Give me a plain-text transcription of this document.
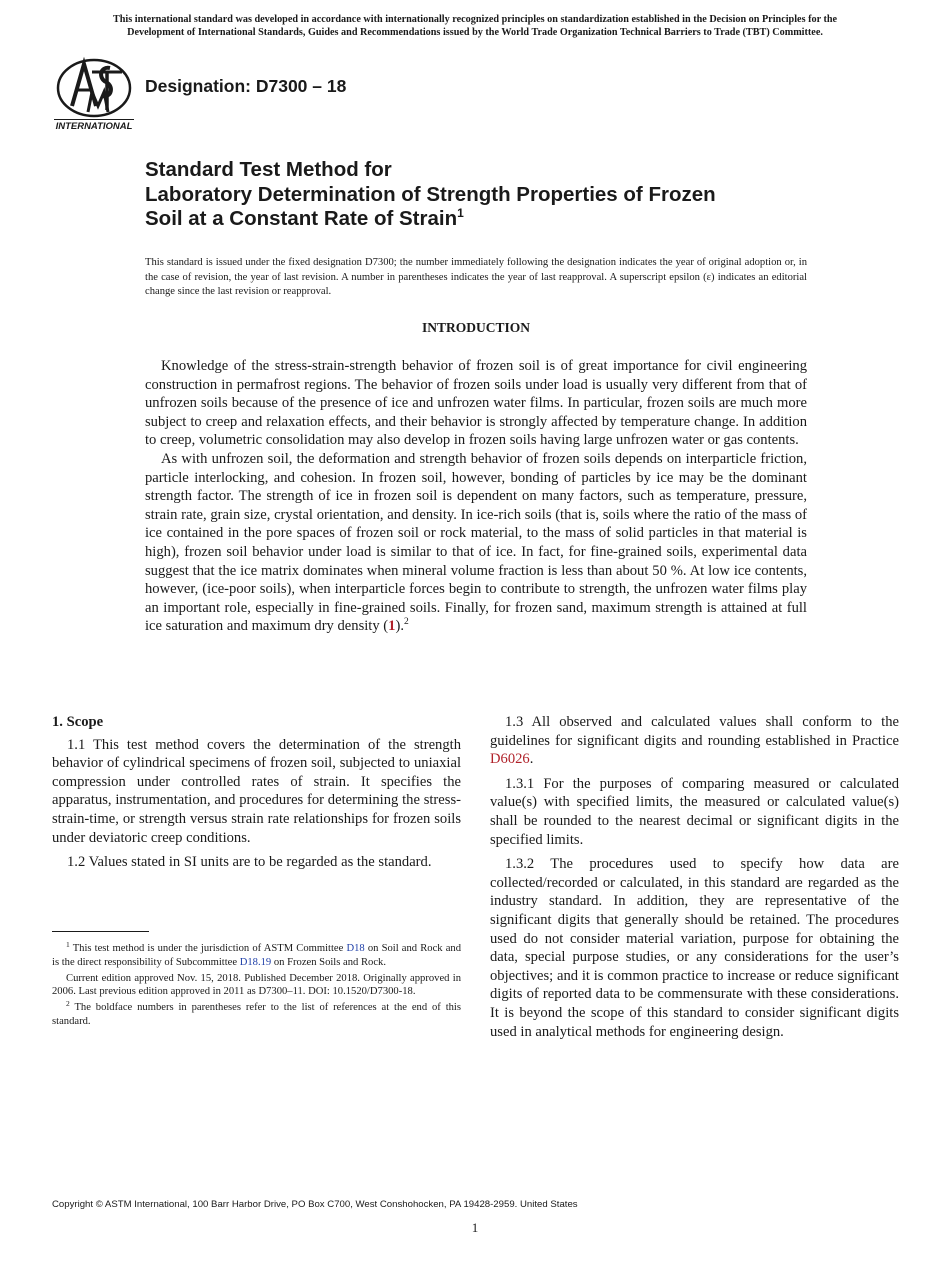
This international standard was developed in accordance with internationally recognized principles on standardization established in the Decision on Principles for the
Development of International Standards, Guides and Recommendations issued by the World Trade Organization Technical Barriers to Trade (TBT) Committee.
INTERNATIONAL
Designation: D7300 – 18
Standard Test Method for
Laboratory Determination of Strength Properties of Frozen
Soil at a Constant Rate of Strain$^1$
This standard is issued under the fixed designation D7300; the number immediately following the designation indicates the year of original adoption or, in the case of revision, the year of last revision. A number in parentheses indicates the year of last reapproval. A superscript epsilon (ε) indicates an editorial change since the last revision or reapproval.
INTRODUCTION

Knowledge of the stress-strain-strength behavior of frozen soil is of great importance for civil engineering construction in permafrost regions. The behavior of frozen soils under load is usually very different from that of unfrozen soils because of the presence of ice and unfrozen water films. In particular, frozen soils are much more subject to creep and relaxation effects, and their behavior is strongly affected by temperature change. In addition to creep, volumetric consolidation may also develop in frozen soils having large unfrozen water or gas contents.

As with unfrozen soil, the deformation and strength behavior of frozen soils depends on interparticle friction, particle interlocking, and cohesion. In frozen soil, however, bonding of particles by ice may be the dominant strength factor. The strength of ice in frozen soil is dependent on many factors, such as temperature, pressure, strain rate, grain size, crystal orientation, and density. In ice-rich soils (that is, soils where the ratio of the mass of ice contained in the pore spaces of frozen soil or rock material, to the mass of solid particles in that material is high), frozen soil behavior under load is similar to that of ice. In fact, for fine-grained soils, experimental data suggest that the ice matrix dominates when mineral volume fraction is less than about 50 %. At low ice contents, however, (ice-poor soils), when interparticle forces begin to contribute to strength, the unfrozen water films play an important role, especially in fine-grained soils. Finally, for frozen sand, maximum strength is attained at full ice saturation and maximum dry density (1).$^2$

1. Scope

1.1 This test method covers the determination of the strength behavior of cylindrical specimens of frozen soil, subjected to uniaxial compression under controlled rates of strain. It specifies the apparatus, instrumentation, and procedures for determining the stress-strain-time, or strength versus strain rate relationships for frozen soils under deviatoric creep conditions.

1.2 Values stated in SI units are to be regarded as the standard.

1.3 All observed and calculated values shall conform to the guidelines for significant digits and rounding established in Practice D6026.

1.3.1 For the purposes of comparing measured or calculated value(s) with specified limits, the measured or calculated value(s) shall be rounded to the nearest decimal or significant digits in the specified limits.

1.3.2 The procedures used to specify how data are collected/recorded or calculated, in this standard are regarded as the industry standard. In addition, they are representative of the significant digits that generally should be retained. The procedures used do not consider material variation, purpose for obtaining the data, special purpose studies, or any considerations for the user’s objectives; and it is common practice to increase or reduce significant digits of reported data to be commensurate with these considerations. It is beyond the scope of this standard to consider significant digits used in analytical methods for engineering design.

$^1$ This test method is under the jurisdiction of ASTM Committee D18 on Soil and Rock and is the direct responsibility of Subcommittee D18.19 on Frozen Soils and Rock.

Current edition approved Nov. 15, 2018. Published December 2018. Originally approved in 2006. Last previous edition approved in 2011 as D7300–11. DOI: 10.1520/D7300-18.

$^2$ The boldface numbers in parentheses refer to the list of references at the end of this standard.

Copyright © ASTM International, 100 Barr Harbor Drive, PO Box C700, West Conshohocken, PA 19428-2959. United States
1
